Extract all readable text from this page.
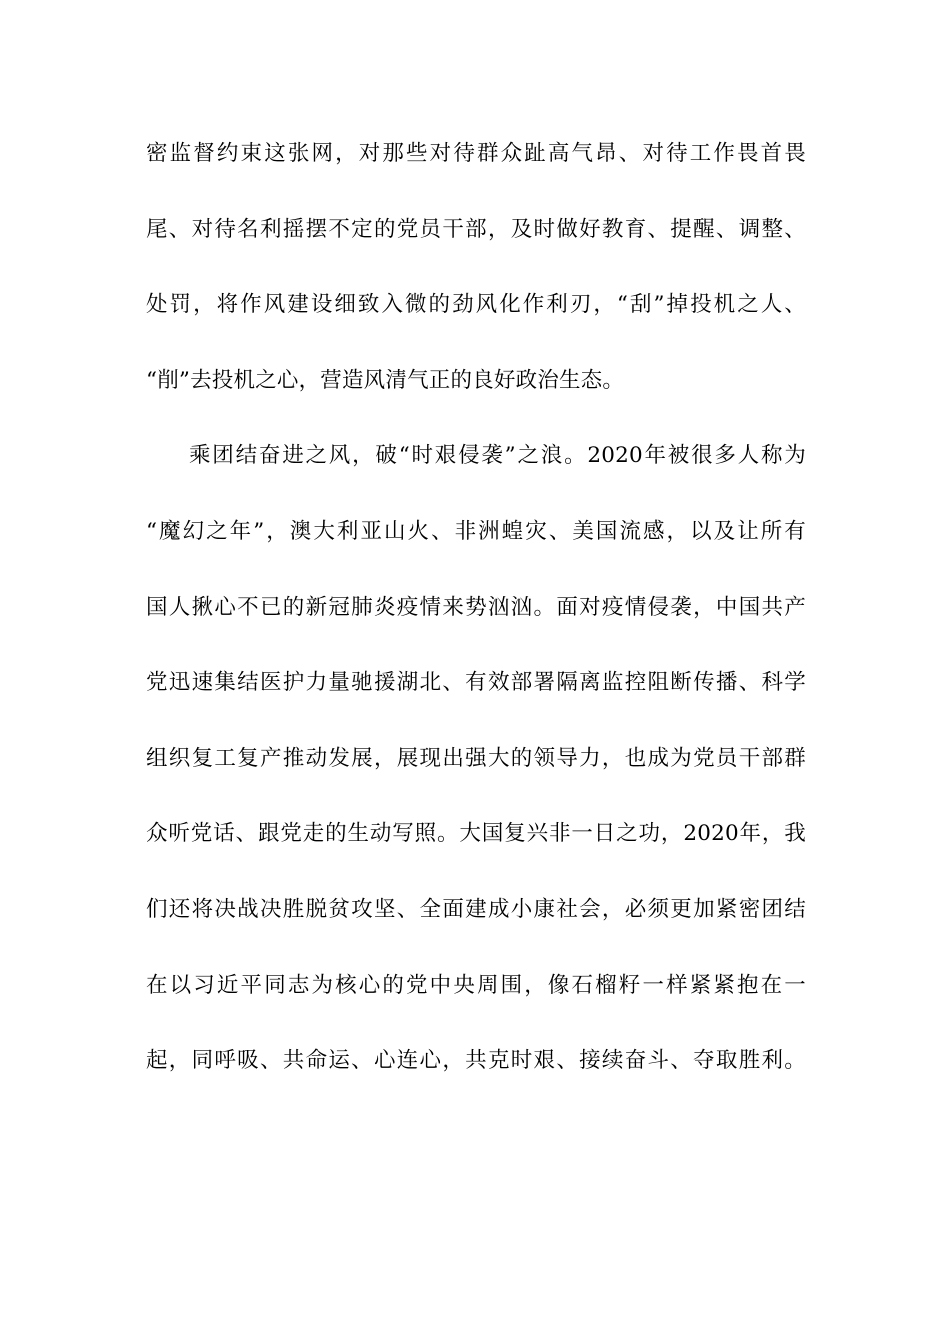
密监督约束这张网，对那些对待群众趾高气昂、对待工作畏首畏
尾、对待名利摇摆不定的党员干部，及时做好教育、提醒、调整、
处罚，将作风建设细致入微的劲风化作利刃，“刮”掉投机之人、
“削”去投机之心，营造风清气正的良好政治生态。
乘团结奋进之风，破“时艰侵袭”之浪。2020年被很多人称为
“魔幻之年”，澳大利亚山火、非洲蝗灾、美国流感，以及让所有
国人揪心不已的新冠肺炎疫情来势汹汹。面对疫情侵袭，中国共产
党迅速集结医护力量驰援湖北、有效部署隔离监控阻断传播、科学
组织复工复产推动发展，展现出强大的领导力，也成为党员干部群
众听党话、跟党走的生动写照。大国复兴非一日之功，2020年，我
们还将决战决胜脱贫攻坚、全面建成小康社会，必须更加紧密团结
在以习近平同志为核心的党中央周围，像石榴籽一样紧紧抱在一
起，同呼吸、共命运、心连心，共克时艰、接续奋斗、夺取胜利。
